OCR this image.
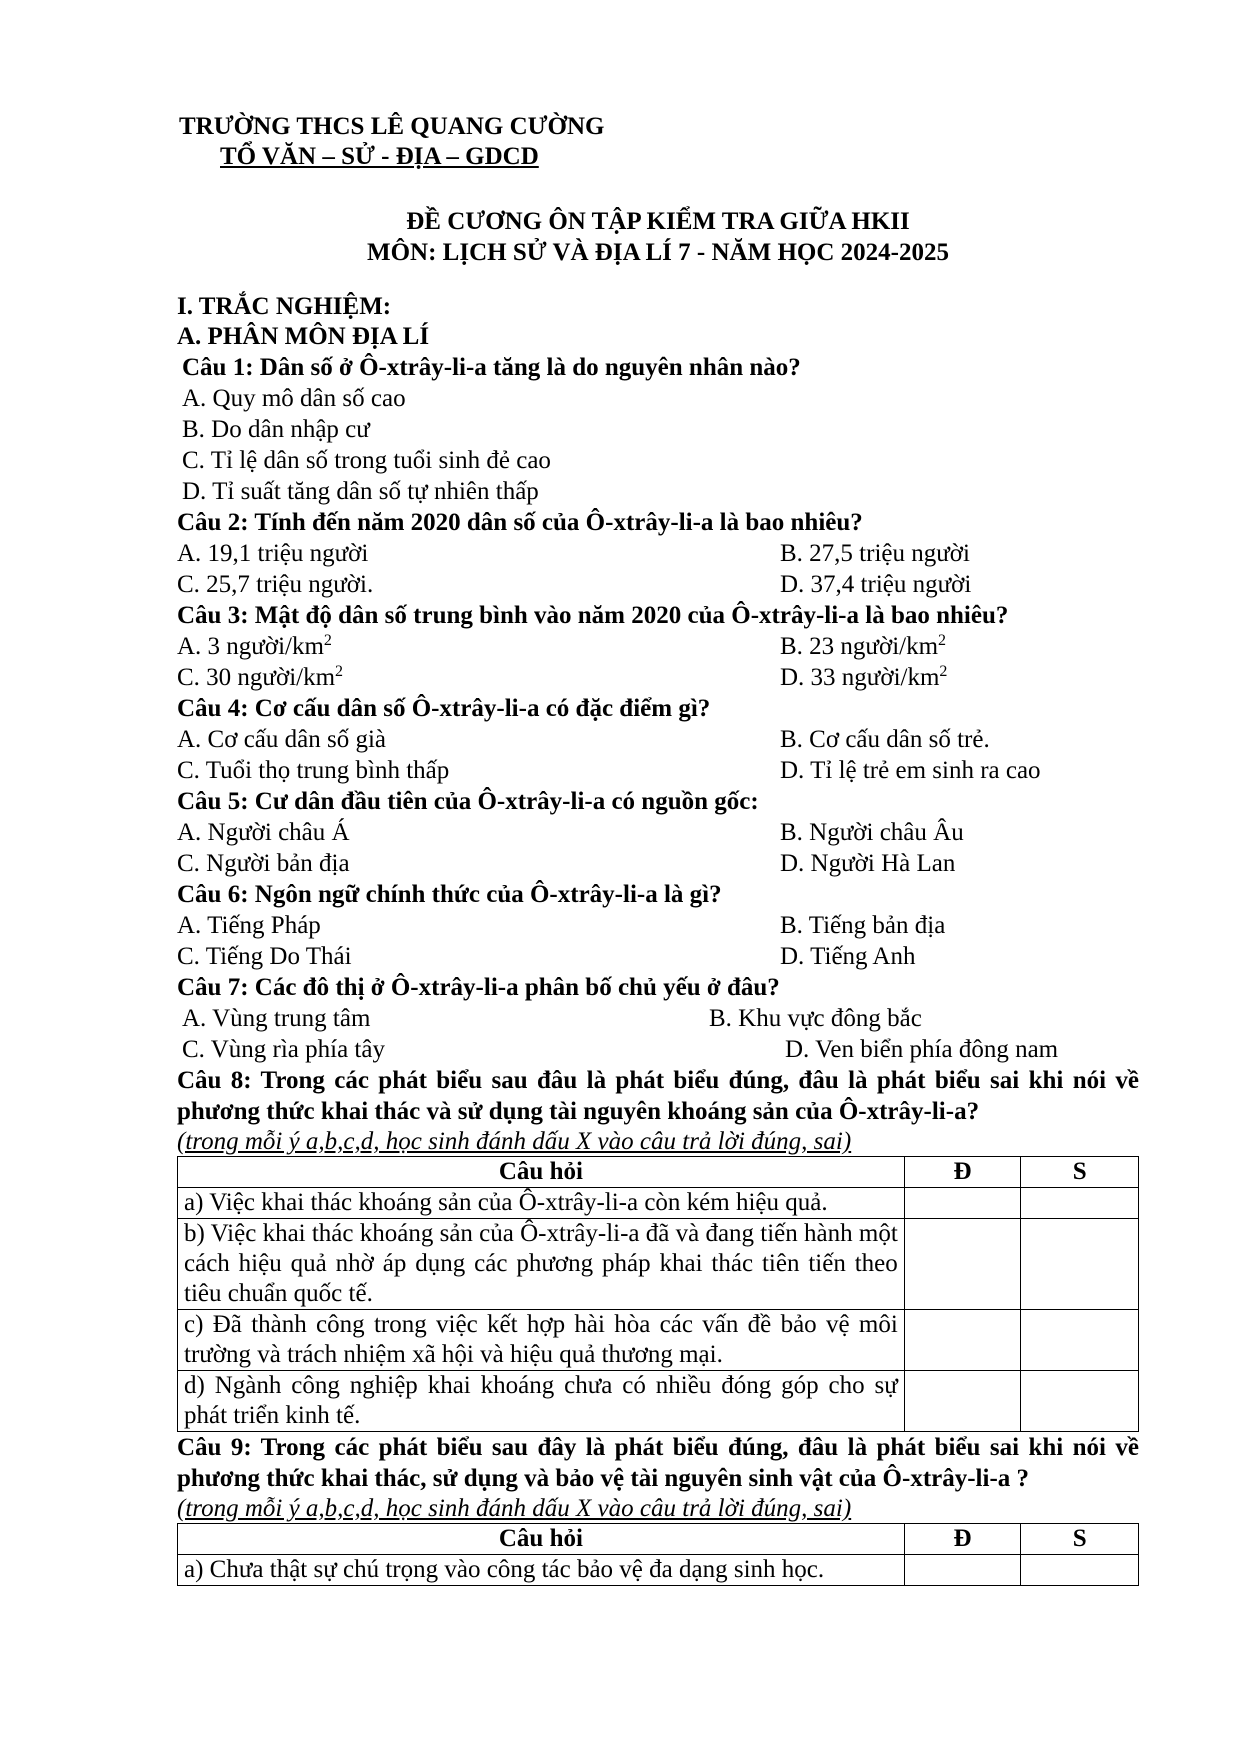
TRƯỜNG THCS LÊ QUANG CƯỜNG
TỔ VĂN – SỬ - ĐỊA – GDCD
ĐỀ CƯƠNG ÔN TẬP KIỂM TRA GIỮA HKII
MÔN: LỊCH SỬ VÀ ĐỊA LÍ 7 - NĂM HỌC 2024-2025
I. TRẮC NGHIỆM:
A. PHÂN MÔN ĐỊA LÍ
Câu 1: Dân số ở Ô-xtrây-li-a tăng là do nguyên nhân nào?
A. Quy mô dân số cao
B. Do dân nhập cư
C. Tỉ lệ dân số trong tuổi sinh đẻ cao
D. Tỉ suất tăng dân số tự nhiên thấp
Câu 2: Tính đến năm 2020 dân số của Ô-xtrây-li-a là bao nhiêu?
A. 19,1 triệu người	B. 27,5 triệu người
C. 25,7 triệu người.	D. 37,4 triệu người
Câu 3: Mật độ dân số trung bình vào năm 2020 của Ô-xtrây-li-a là bao nhiêu?
A. 3 người/$km^2$	B. 23 người/$km^2$
C. 30 người/$km^2$	D. 33 người/$km^2$
Câu 4: Cơ cấu dân số Ô-xtrây-li-a có đặc điểm gì?
A. Cơ cấu dân số già	B. Cơ cấu dân số trẻ.
C. Tuổi thọ trung bình thấp	D. Tỉ lệ trẻ em sinh ra cao
Câu 5: Cư dân đầu tiên của Ô-xtrây-li-a có nguồn gốc:
A. Người châu Á	B. Người châu Âu
C. Người bản địa	D. Người Hà Lan
Câu 6: Ngôn ngữ chính thức của Ô-xtrây-li-a là gì?
A. Tiếng Pháp	B. Tiếng bản địa
C. Tiếng Do Thái	D. Tiếng Anh
Câu 7: Các đô thị ở Ô-xtrây-li-a phân bố chủ yếu ở đâu?
A. Vùng trung tâm	B. Khu vực đông bắc
C. Vùng rìa phía tây	D. Ven biển phía đông nam
Câu 8: Trong các phát biểu sau đâu là phát biểu đúng, đâu là phát biểu sai khi nói về phương thức khai thác và sử dụng tài nguyên khoáng sản của Ô-xtrây-li-a?
(trong mỗi ý a,b,c,d, học sinh đánh dấu X vào câu trả lời đúng, sai)
Câu hỏi	Đ	S
a) Việc khai thác khoáng sản của Ô-xtrây-li-a còn kém hiệu quả.		
b) Việc khai thác khoáng sản của Ô-xtrây-li-a đã và đang tiến hành một cách hiệu quả nhờ áp dụng các phương pháp khai thác tiên tiến theo tiêu chuẩn quốc tế.		
c) Đã thành công trong việc kết hợp hài hòa các vấn đề bảo vệ môi trường và trách nhiệm xã hội và hiệu quả thương mại.		
d) Ngành công nghiệp khai khoáng chưa có nhiều đóng góp cho sự phát triển kinh tế.		
Câu 9: Trong các phát biểu sau đây là phát biểu đúng, đâu là phát biểu sai khi nói về phương thức khai thác, sử dụng và bảo vệ tài nguyên sinh vật của Ô-xtrây-li-a ?
(trong mỗi ý a,b,c,d, học sinh đánh dấu X vào câu trả lời đúng, sai)
Câu hỏi	Đ	S
a) Chưa thật sự chú trọng vào công tác bảo vệ đa dạng sinh học.		
